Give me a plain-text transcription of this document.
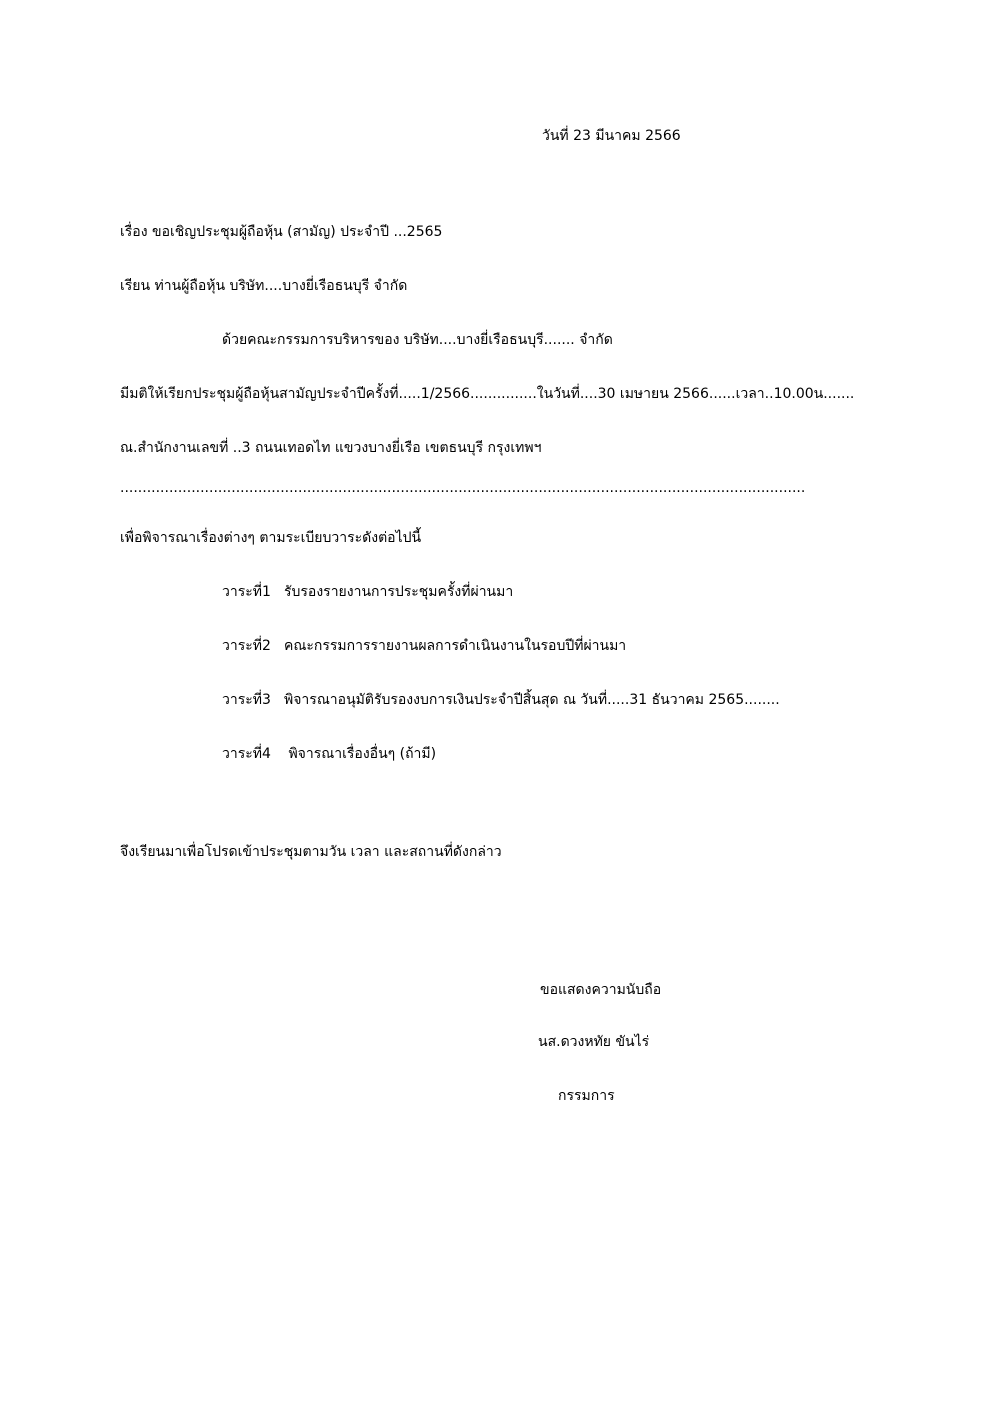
วันที่ 23 มีนาคม 2566
เรื่อง ขอเชิญประชุมผู้ถือหุ้น (สามัญ) ประจำปี ...2565
เรียน ท่านผู้ถือหุ้น บริษัท....บางยี่เรือธนบุรี จำกัด
ด้วยคณะกรรมการบริหารของ บริษัท....บางยี่เรือธนบุรี....... จำกัด
มีมติให้เรียกประชุมผู้ถือหุ้นสามัญประจำปีครั้งที่.....1/2566...............ในวันที่....30 เมษายน 2566......เวลา..10.00น.......
ณ.สำนักงานเลขที่ ..3 ถนนเทอดไท แขวงบางยี่เรือ เขตธนบุรี กรุงเทพฯ
..........................................................................................................................................................
เพื่อพิจารณาเรื่องต่างๆ ตามระเบียบวาระดังต่อไปนี้
วาระที่1 รับรองรายงานการประชุมครั้งที่ผ่านมา
วาระที่2 คณะกรรมการรายงานผลการดำเนินงานในรอบปีที่ผ่านมา
วาระที่3 พิจารณาอนุมัติรับรองงบการเงินประจำปีสิ้นสุด ณ วันที่.....31 ธันวาคม 2565........
วาระที่4 พิจารณาเรื่องอื่นๆ (ถ้ามี)
จึงเรียนมาเพื่อโปรดเข้าประชุมตามวัน เวลา และสถานที่ดังกล่าว
ขอแสดงความนับถือ
นส.ดวงหทัย ขันไร่
กรรมการ
